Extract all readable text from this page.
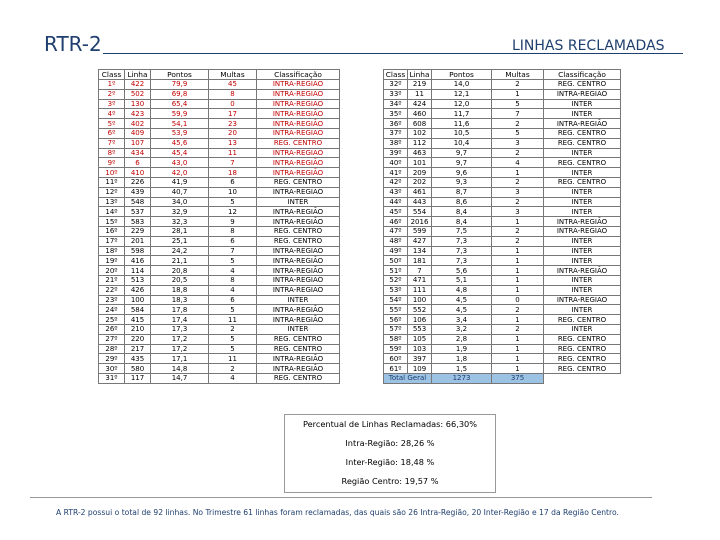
RTR-2	LINHAS RECLAMADAS
Class	Linha	Pontos	Multas	Classificação
1º	422	79,9	45	INTRA-REGIÃO
2º	502	69,8	8	INTRA-REGIÃO
3º	130	65,4	0	INTRA-REGIÃO
4º	423	59,9	17	INTRA-REGIÃO
5º	402	54,1	23	INTRA-REGIÃO
6º	409	53,9	20	INTRA-REGIÃO
7º	107	45,6	13	REG. CENTRO
8º	434	45,4	11	INTRA-REGIÃO
9º	6	43,0	7	INTRA-REGIÃO
10º	410	42,0	18	INTRA-REGIÃO
11º	226	41,9	6	REG. CENTRO
12º	439	40,7	10	INTRA-REGIÃO
13º	548	34,0	5	INTER
14º	537	32,9	12	INTRA-REGIÃO
15º	583	32,3	9	INTRA-REGIÃO
16º	229	28,1	8	REG. CENTRO
17º	201	25,1	6	REG. CENTRO
18º	598	24,2	7	INTRA-REGIÃO
19º	416	21,1	5	INTRA-REGIÃO
20º	114	20,8	4	INTRA-REGIÃO
21º	513	20,5	8	INTRA-REGIÃO
22º	426	18,8	4	INTRA-REGIÃO
23º	100	18,3	6	INTER
24º	584	17,8	5	INTRA-REGIÃO
25º	415	17,4	11	INTRA-REGIÃO
26º	210	17,3	2	INTER
27º	220	17,2	5	REG. CENTRO
28º	217	17,2	5	REG. CENTRO
29º	435	17,1	11	INTRA-REGIÃO
30º	580	14,8	2	INTRA-REGIÃO
31º	117	14,7	4	REG. CENTRO
Class	Linha	Pontos	Multas	Classificação
32º	219	14,0	2	REG. CENTRO
33º	11	12,1	1	INTRA-REGIÃO
34º	424	12,0	5	INTER
35º	460	11,7	7	INTER
36º	608	11,6	2	INTRA-REGIÃO
37º	102	10,5	5	REG. CENTRO
38º	112	10,4	3	REG. CENTRO
39º	463	9,7	2	INTER
40º	101	9,7	4	REG. CENTRO
41º	209	9,6	1	INTER
42º	202	9,3	2	REG. CENTRO
43º	461	8,7	3	INTER
44º	443	8,6	2	INTER
45º	554	8,4	3	INTER
46º	2016	8,4	1	INTRA-REGIÃO
47º	599	7,5	2	INTRA-REGIÃO
48º	427	7,3	2	INTER
49º	134	7,3	1	INTER
50º	181	7,3	1	INTER
51º	7	5,6	1	INTRA-REGIÃO
52º	471	5,1	1	INTER
53º	111	4,8	1	INTER
54º	100	4,5	0	INTRA-REGIÃO
55º	552	4,5	2	INTER
56º	106	3,4	1	REG. CENTRO
57º	553	3,2	2	INTER
58º	105	2,8	1	REG. CENTRO
59º	103	1,9	1	REG. CENTRO
60º	397	1,8	1	REG. CENTRO
61º	109	1,5	1	REG. CENTRO
Total Geral		1273	375	
Percentual de Linhas Reclamadas: 66,30%
Intra-Região: 28,26 %
Inter-Região: 18,48 %
Região Centro: 19,57 %
A RTR-2 possui o total de 92 linhas. No Trimestre 61 linhas foram reclamadas, das quais são 26 Intra-Região, 20 Inter-Região e 17 da Região Centro.
